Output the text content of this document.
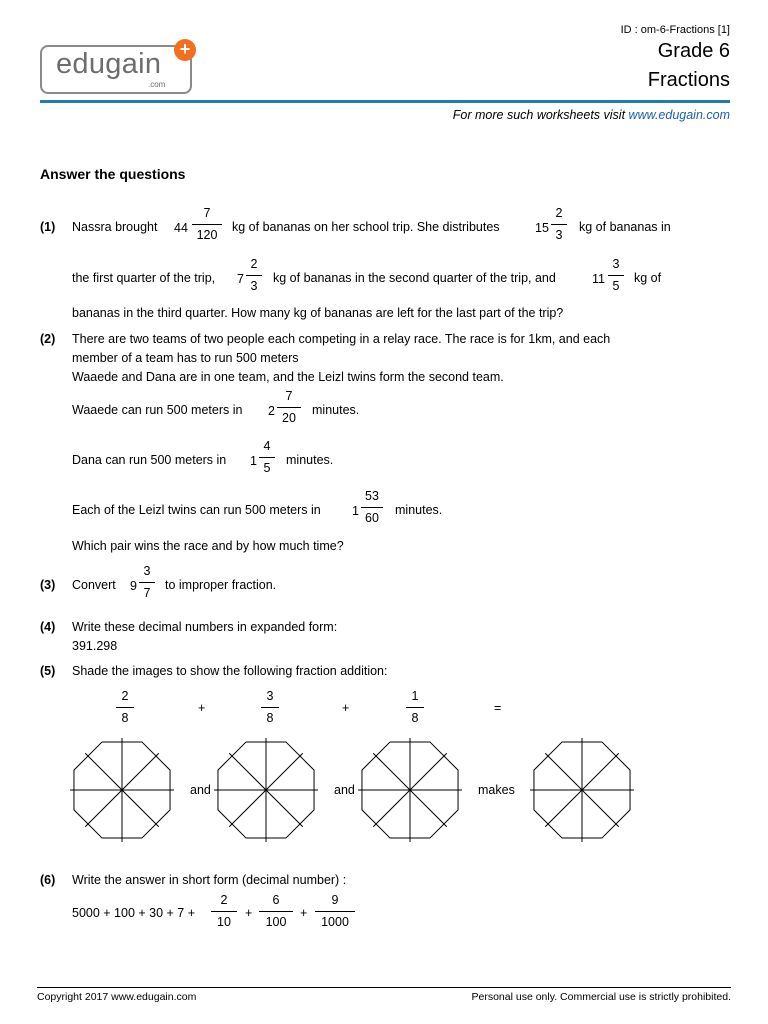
edugain
.com
+
ID : om-6-Fractions [1]
Grade 6
Fractions
For more such worksheets visit www.edugain.com
Answer the questions
(1) Nassra brought 44
7
120
kg of bananas on her school trip. She distributes	15
2
3
kg of bananas in
the first quarter of the trip, 7
2
3
kg of bananas in the second quarter of the trip, and	11
3
5
kg of
bananas in the third quarter. How many kg of bananas are left for the last part of the trip?
(2) There are two teams of two people each competing in a relay race. The race is for 1km, and each
member of a team has to run 500 meters
Waaede and Dana are in one team, and the Leizl twins form the second team.
Waaede can run 500 meters in 2
7
20
minutes.
Dana can run 500 meters in 1
4
5
minutes.
Each of the Leizl twins can run 500 meters in	1
53
60
minutes.
Which pair wins the race and by how much time?
(3) Convert 9
3
7
to improper fraction.
(4) Write these decimal numbers in expanded form:
391.298
(5) Shade the images to show the following fraction addition:
2
8
+
3
8
+
1
8
=
and	and	makes
(6) Write the answer in short form (decimal number) :
5000 + 100 + 30 + 7 +
2
10
+
6
100
+
9
1000
Copyright 2017 www.edugain.com	Personal use only. Commercial use is strictly prohibited.
